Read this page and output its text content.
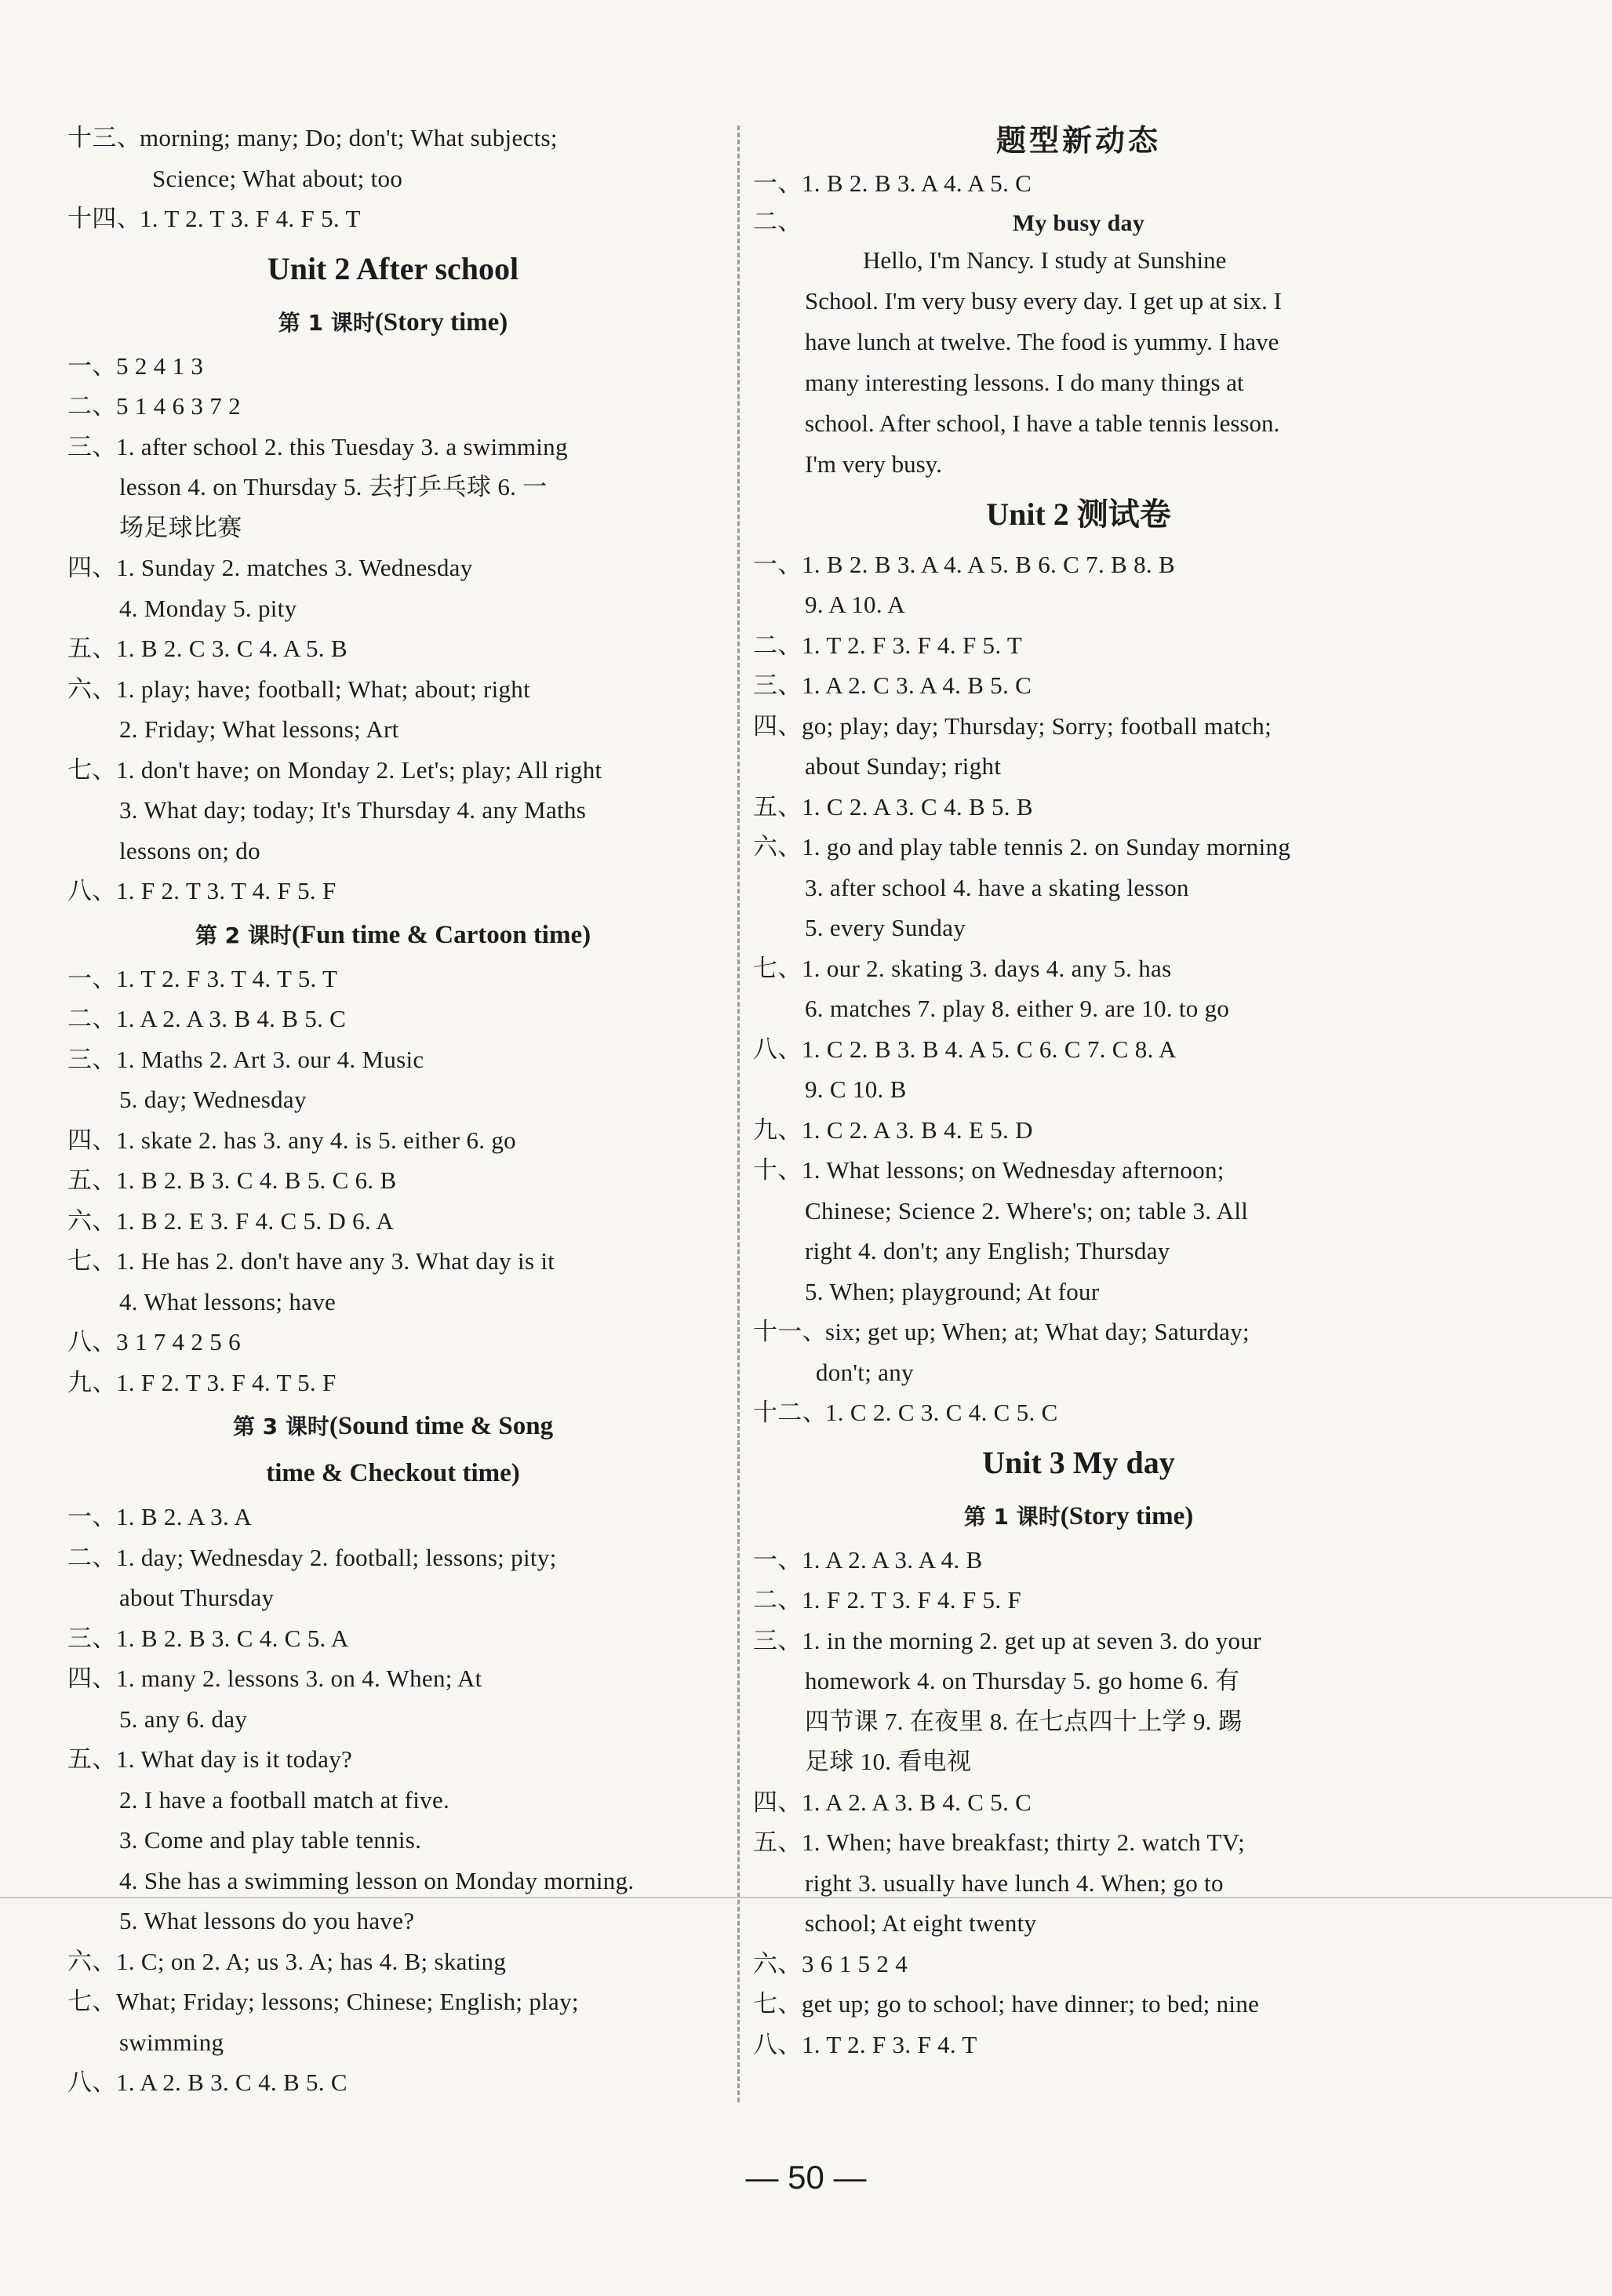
十三、morning; many; Do; don't; What subjects;
Science; What about; too
十四、1. T 2. T 3. F 4. F 5. T
Unit 2 After school
第 1 课时(Story time)
一、5 2 4 1 3
二、5 1 4 6 3 7 2
三、1. after school 2. this Tuesday 3. a swimming
lesson 4. on Thursday 5. 去打乒乓球 6. 一
场足球比赛
四、1. Sunday 2. matches 3. Wednesday
4. Monday 5. pity
五、1. B 2. C 3. C 4. A 5. B
六、1. play; have; football; What; about; right
2. Friday; What lessons; Art
七、1. don't have; on Monday 2. Let's; play; All right
3. What day; today; It's Thursday 4. any Maths
lessons on; do
八、1. F 2. T 3. T 4. F 5. F
第 2 课时(Fun time & Cartoon time)
一、1. T 2. F 3. T 4. T 5. T
二、1. A 2. A 3. B 4. B 5. C
三、1. Maths 2. Art 3. our 4. Music
5. day; Wednesday
四、1. skate 2. has 3. any 4. is 5. either 6. go
五、1. B 2. B 3. C 4. B 5. C 6. B
六、1. B 2. E 3. F 4. C 5. D 6. A
七、1. He has 2. don't have any 3. What day is it
4. What lessons; have
八、3 1 7 4 2 5 6
九、1. F 2. T 3. F 4. T 5. F
第 3 课时(Sound time & Song
time & Checkout time)
一、1. B 2. A 3. A
二、1. day; Wednesday 2. football; lessons; pity;
about Thursday
三、1. B 2. B 3. C 4. C 5. A
四、1. many 2. lessons 3. on 4. When; At
5. any 6. day
五、1. What day is it today?
2. I have a football match at five.
3. Come and play table tennis.
4. She has a swimming lesson on Monday morning.
5. What lessons do you have?
六、1. C; on 2. A; us 3. A; has 4. B; skating
七、What; Friday; lessons; Chinese; English; play;
swimming
八、1. A 2. B 3. C 4. B 5. C
题型新动态
一、1. B 2. B 3. A 4. A 5. C
二、	My busy day
Hello, I'm Nancy. I study at Sunshine
School. I'm very busy every day. I get up at six. I
have lunch at twelve. The food is yummy. I have
many interesting lessons. I do many things at
school. After school, I have a table tennis lesson.
I'm very busy.
Unit 2 测试卷
一、1. B 2. B 3. A 4. A 5. B 6. C 7. B 8. B
9. A 10. A
二、1. T 2. F 3. F 4. F 5. T
三、1. A 2. C 3. A 4. B 5. C
四、go; play; day; Thursday; Sorry; football match;
about Sunday; right
五、1. C 2. A 3. C 4. B 5. B
六、1. go and play table tennis 2. on Sunday morning
3. after school 4. have a skating lesson
5. every Sunday
七、1. our 2. skating 3. days 4. any 5. has
6. matches 7. play 8. either 9. are 10. to go
八、1. C 2. B 3. B 4. A 5. C 6. C 7. C 8. A
9. C 10. B
九、1. C 2. A 3. B 4. E 5. D
十、1. What lessons; on Wednesday afternoon;
Chinese; Science 2. Where's; on; table 3. All
right 4. don't; any English; Thursday
5. When; playground; At four
十一、six; get up; When; at; What day; Saturday;
don't; any
十二、1. C 2. C 3. C 4. C 5. C
Unit 3 My day
第 1 课时(Story time)
一、1. A 2. A 3. A 4. B
二、1. F 2. T 3. F 4. F 5. F
三、1. in the morning 2. get up at seven 3. do your
homework 4. on Thursday 5. go home 6. 有
四节课 7. 在夜里 8. 在七点四十上学 9. 踢
足球 10. 看电视
四、1. A 2. A 3. B 4. C 5. C
五、1. When; have breakfast; thirty 2. watch TV;
right 3. usually have lunch 4. When; go to
school; At eight twenty
六、3 6 1 5 2 4
七、get up; go to school; have dinner; to bed; nine
八、1. T 2. F 3. F 4. T
— 50 —
